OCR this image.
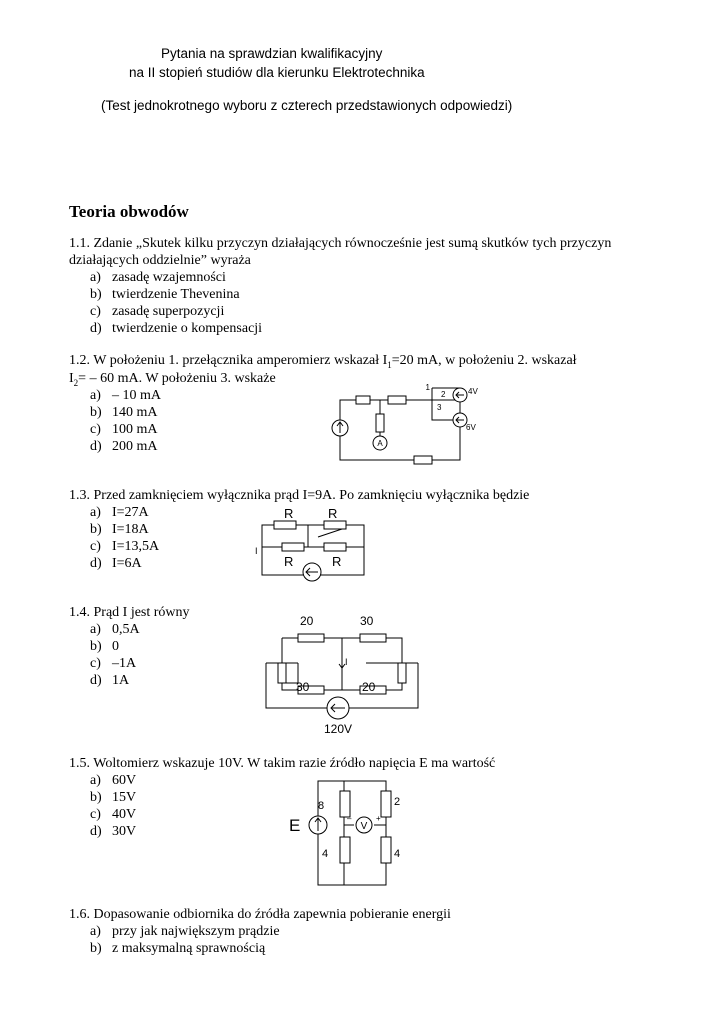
Pytania na sprawdzian kwalifikacyjny
na II stopień studiów dla kierunku Elektrotechnika
(Test jednokrotnego wyboru z czterech przedstawionych odpowiedzi)
Teoria obwodów
1.1. Zdanie „Skutek kilku przyczyn działających równocześnie jest sumą skutków tych przyczyn
działających oddzielnie” wyraża
a) zasadę wzajemności
b) twierdzenie Thevenina
c) zasadę superpozycji
d) twierdzenie o kompensacji
1.2. W położeniu 1. przełącznika amperomierz wskazał $I_1=20$ mA, w położeniu 2. wskazał
$I_2= - 60$ mA. W położeniu 3. wskaże
a) – 10 mA
b) 140 mA
c) 100 mA
d) 200 mA	A
1
2
3
4V
6V
1.3. Przed zamknięciem wyłącznika prąd I=9A. Po zamknięciu wyłącznika będzie
a) I=27A
b) I=18A
c) I=13,5A
d) I=6A
R	R
R	R
I
1.4. Prąd I jest równy
a) 0,5A
b) 0
c) –1A
d) 1A
20	30
30	20
I
120V
1.5. Woltomierz wskazuje 10V. W takim razie źródło napięcia E ma wartość
a) 60V
b) 15V
c) 40V
d) 30V	V
–	+
E
8	2
4	4
1.6. Dopasowanie odbiornika do źródła zapewnia pobieranie energii
a) przy jak największym prądzie
b) z maksymalną sprawnością
